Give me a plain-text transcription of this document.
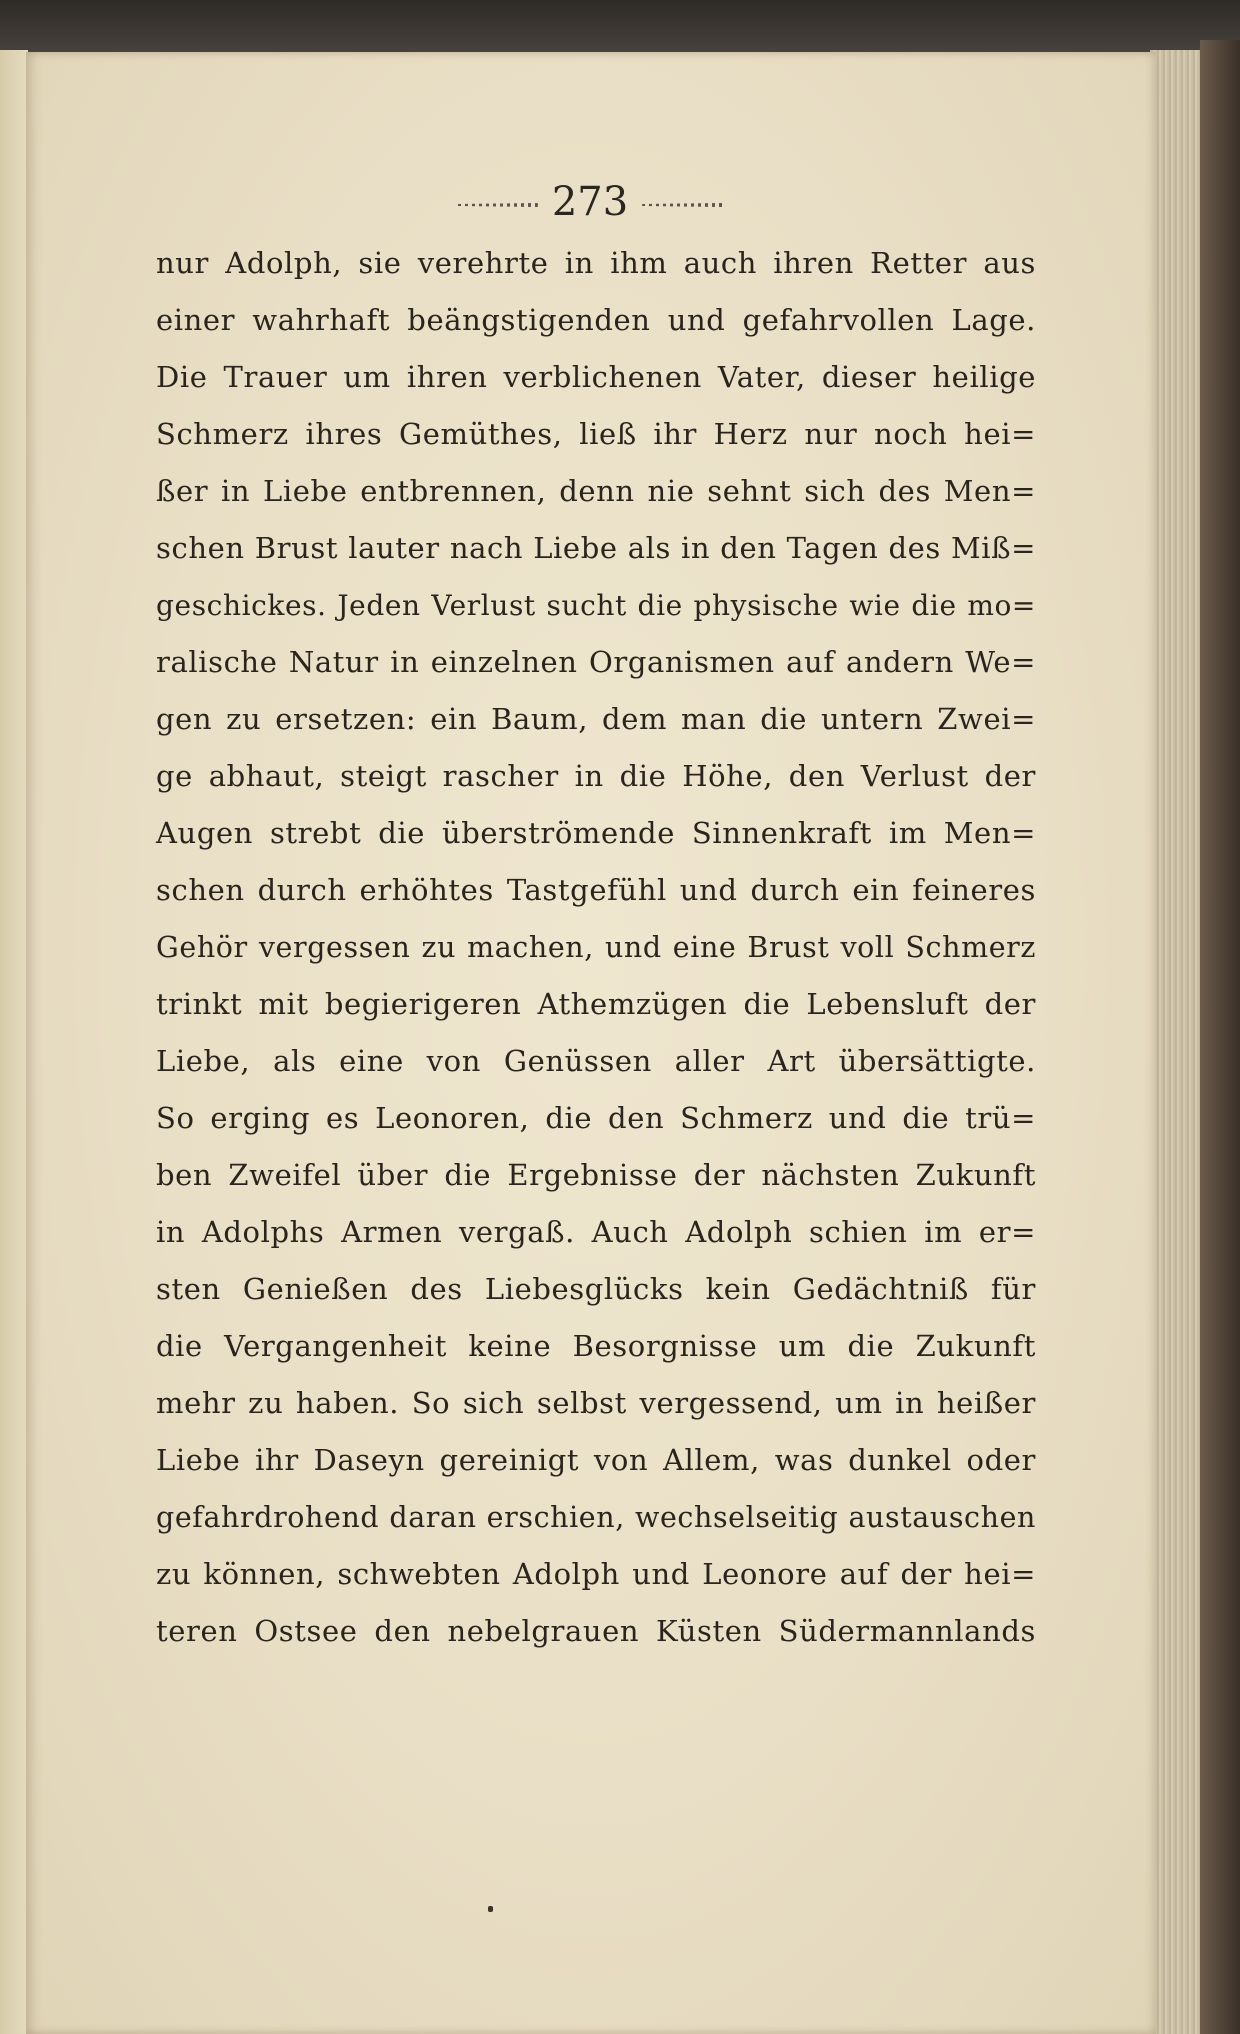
273
nur Adolph, sie verehrte in ihm auch ihren Retter aus
einer wahrhaft beängstigenden und gefahrvollen Lage.
Die Trauer um ihren verblichenen Vater, dieser heilige
Schmerz ihres Gemüthes, ließ ihr Herz nur noch hei=
ßer in Liebe entbrennen, denn nie sehnt sich des Men=
schen Brust lauter nach Liebe als in den Tagen des Miß=
geschickes. Jeden Verlust sucht die physische wie die mo=
ralische Natur in einzelnen Organismen auf andern We=
gen zu ersetzen: ein Baum, dem man die untern Zwei=
ge abhaut, steigt rascher in die Höhe, den Verlust der
Augen strebt die überströmende Sinnenkraft im Men=
schen durch erhöhtes Tastgefühl und durch ein feineres
Gehör vergessen zu machen, und eine Brust voll Schmerz
trinkt mit begierigeren Athemzügen die Lebensluft der
Liebe, als eine von Genüssen aller Art übersättigte.
So erging es Leonoren, die den Schmerz und die trü=
ben Zweifel über die Ergebnisse der nächsten Zukunft
in Adolphs Armen vergaß. Auch Adolph schien im er=
sten Genießen des Liebesglücks kein Gedächtniß für
die Vergangenheit keine Besorgnisse um die Zukunft
mehr zu haben. So sich selbst vergessend, um in heißer
Liebe ihr Daseyn gereinigt von Allem, was dunkel oder
gefahrdrohend daran erschien, wechselseitig austauschen
zu können, schwebten Adolph und Leonore auf der hei=
teren Ostsee den nebelgrauen Küsten Südermannlands
